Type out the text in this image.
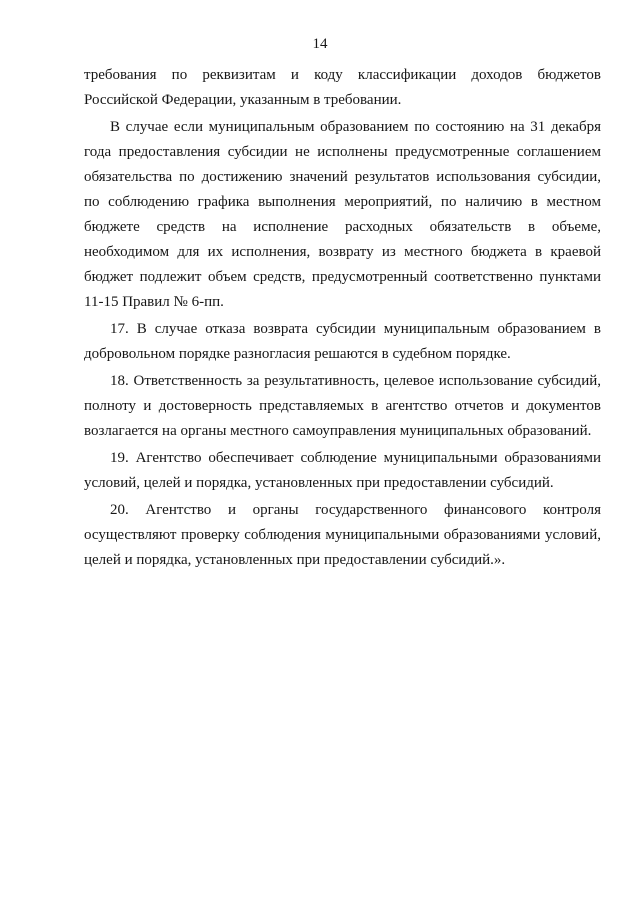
14
требования по реквизитам и коду классификации доходов бюджетов
Российской Федерации, указанным в требовании.
В случае если муниципальным образованием по состоянию на 31 декабря
года предоставления субсидии не исполнены предусмотренные соглашением
обязательства по достижению значений результатов использования субсидии,
по соблюдению графика выполнения мероприятий, по наличию в местном
бюджете средств на исполнение расходных обязательств в объеме,
необходимом для их исполнения, возврату из местного бюджета в краевой
бюджет подлежит объем средств, предусмотренный соответственно пунктами
11-15 Правил № 6-пп.
17. В случае отказа возврата субсидии муниципальным образованием в
добровольном порядке разногласия решаются в судебном порядке.
18. Ответственность за результативность, целевое использование субсидий,
полноту и достоверность представляемых в агентство отчетов и документов
возлагается на органы местного самоуправления муниципальных образований.
19. Агентство обеспечивает соблюдение муниципальными образованиями
условий, целей и порядка, установленных при предоставлении субсидий.
20. Агентство и органы государственного финансового контроля
осуществляют проверку соблюдения муниципальными образованиями условий,
целей и порядка, установленных при предоставлении субсидий.».
